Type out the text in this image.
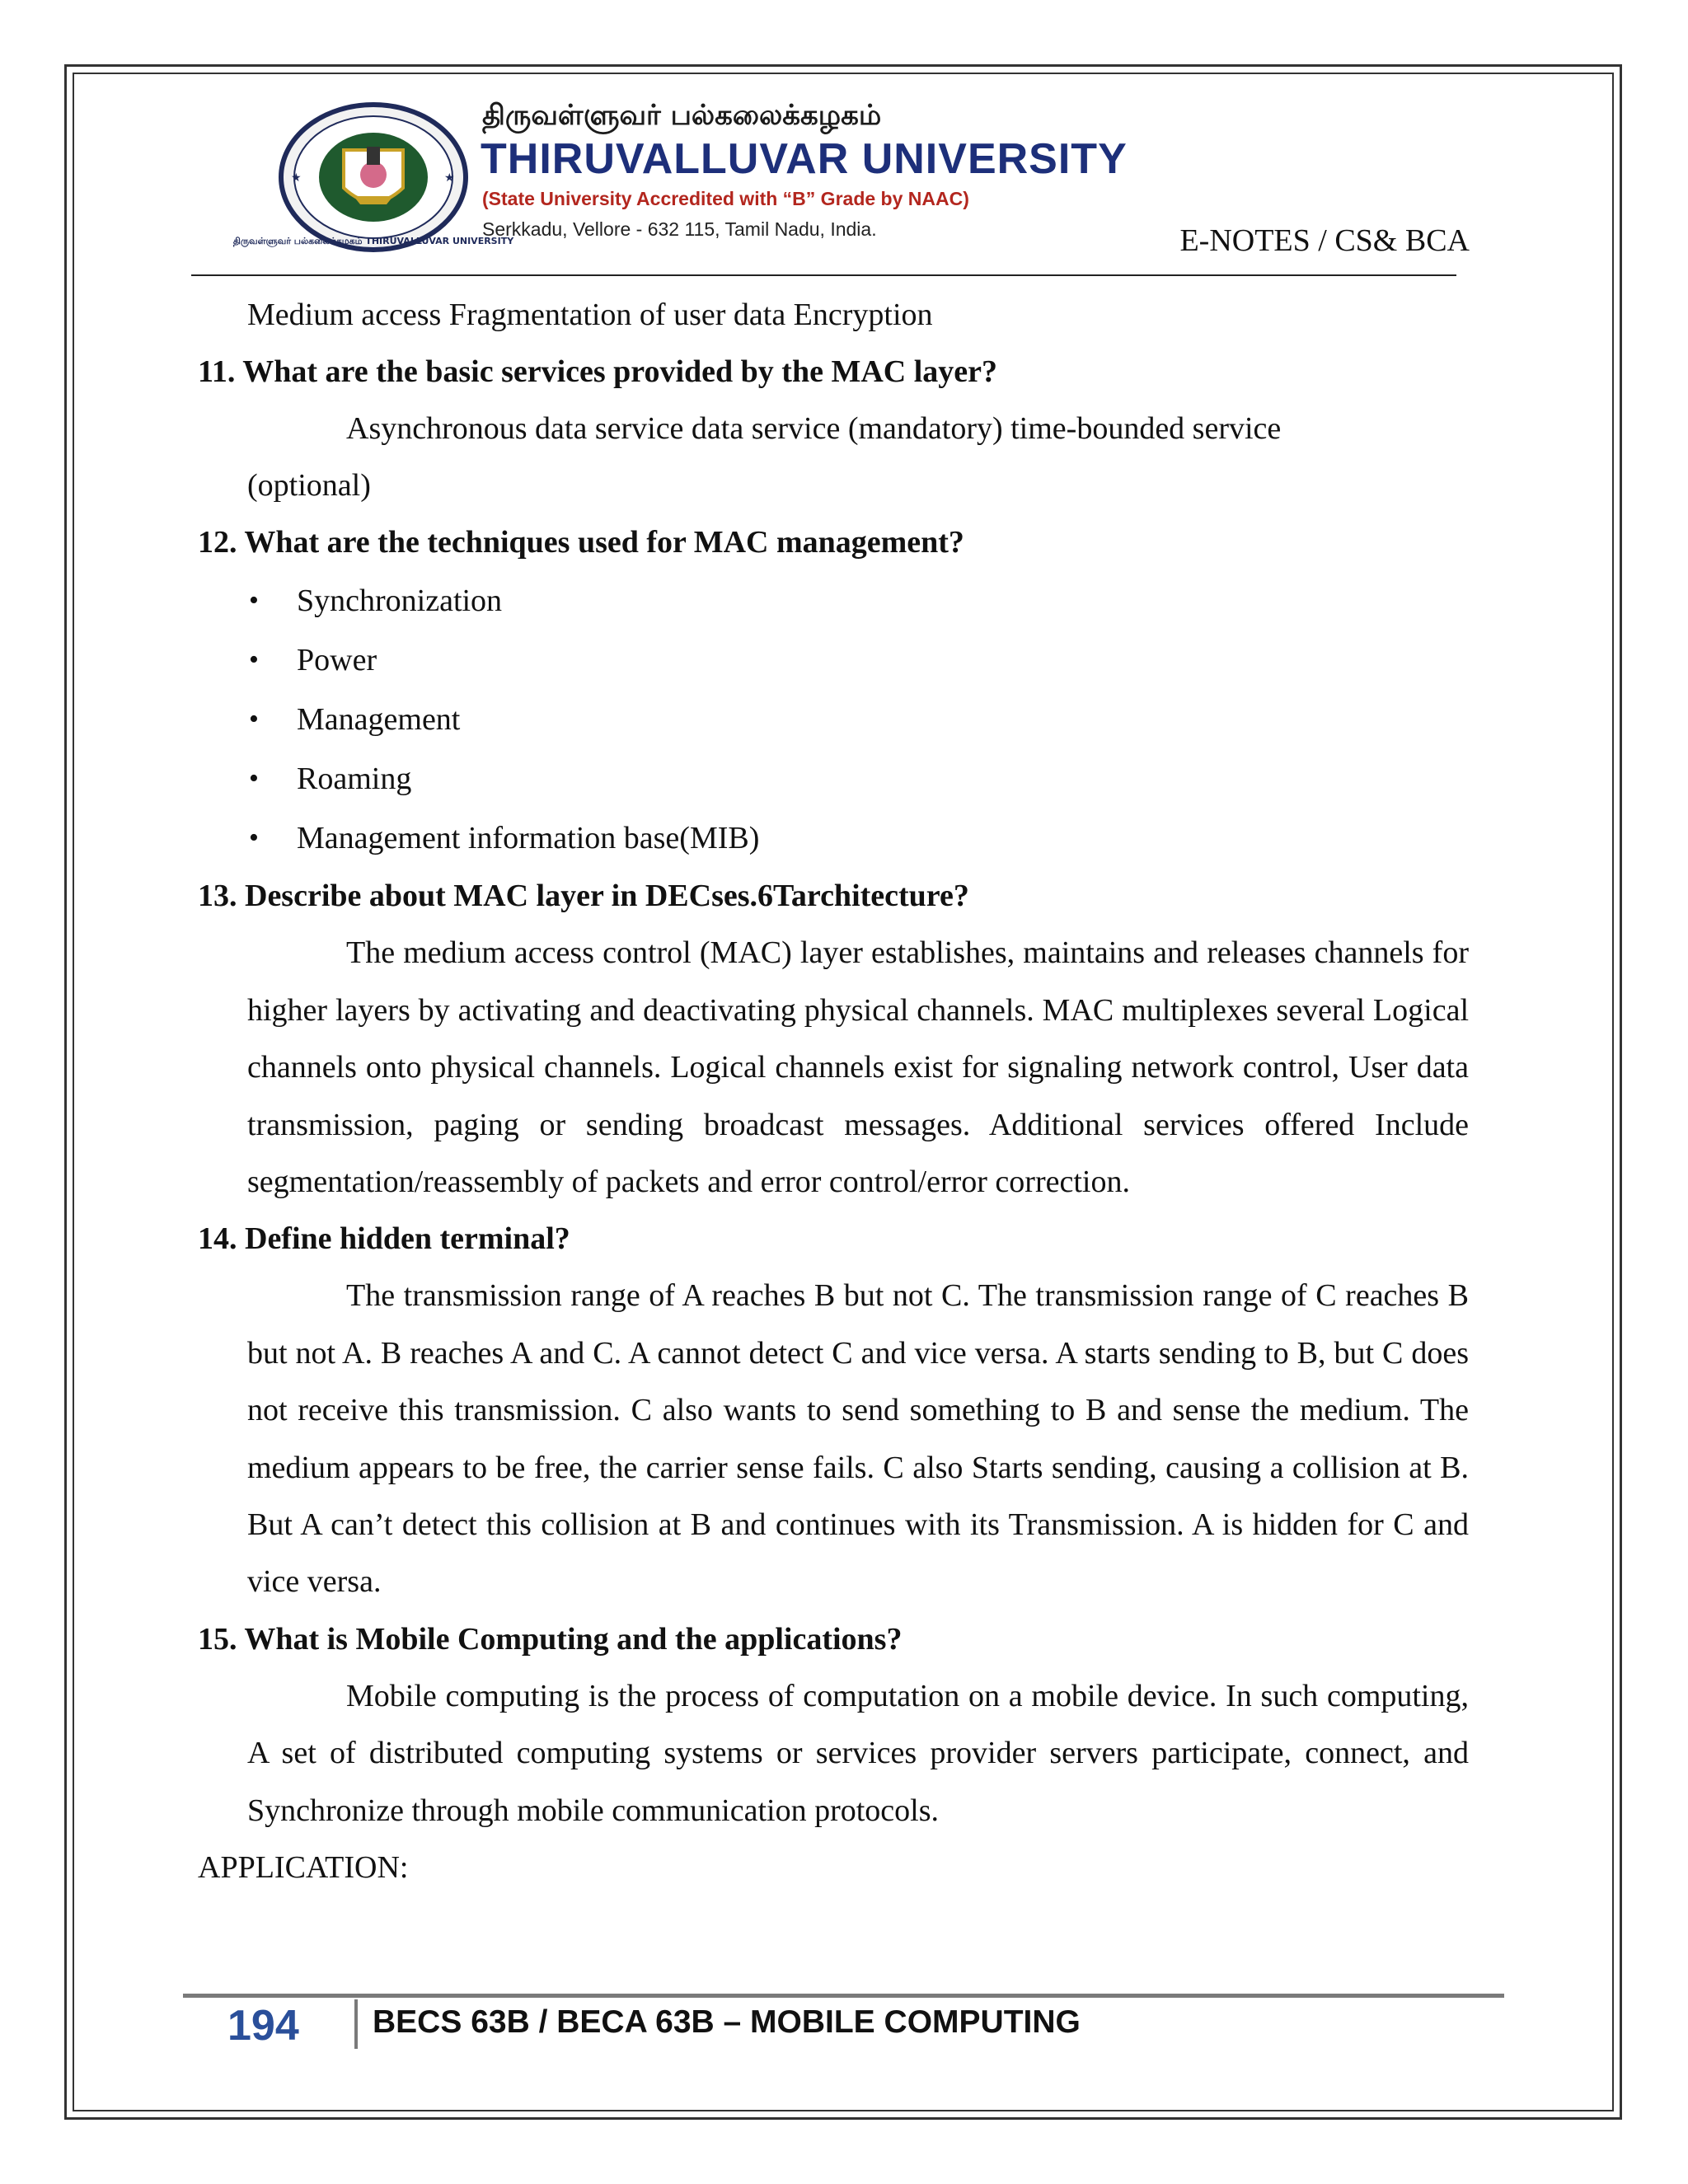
★	★
திருவள்ளுவர் பல்கலைக்கழகம் THIRUVALLUVAR UNIVERSITY
திருவள்ளுவர் பல்கலைக்கழகம்
THIRUVALLUVAR UNIVERSITY
(State University Accredited with “B” Grade by NAAC)
Serkkadu, Vellore - 632 115, Tamil Nadu, India.	E-NOTES / CS& BCA
Medium access Fragmentation of user data Encryption
11. What are the basic services provided by the MAC layer?
Asynchronous data service data service (mandatory) time-bounded service
(optional)
12. What are the techniques used for MAC management?
• Synchronization
• Power
• Management
• Roaming
• Management information base(MIB)
13. Describe about MAC layer in DECses.6Tarchitecture?
The medium access control (MAC) layer establishes, maintains and releases channels for higher layers by activating and deactivating physical channels. MAC multiplexes several Logical channels onto physical channels. Logical channels exist for signaling network control, User data transmission, paging or sending broadcast messages. Additional services offered Include segmentation/reassembly of packets and error control/error correction.
14. Define hidden terminal?
The transmission range of A reaches B but not C. The transmission range of C reaches B but not A. B reaches A and C. A cannot detect C and vice versa. A starts sending to B, but C does not receive this transmission. C also wants to send something to B and sense the medium. The medium appears to be free, the carrier sense fails. C also Starts sending, causing a collision at B. But A can’t detect this collision at B and continues with its Transmission. A is hidden for C and vice versa.
15. What is Mobile Computing and the applications?
Mobile computing is the process of computation on a mobile device. In such computing, A set of distributed computing systems or services provider servers participate, connect, and Synchronize through mobile communication protocols.
APPLICATION:
194 BECS 63B / BECA 63B – MOBILE COMPUTING
